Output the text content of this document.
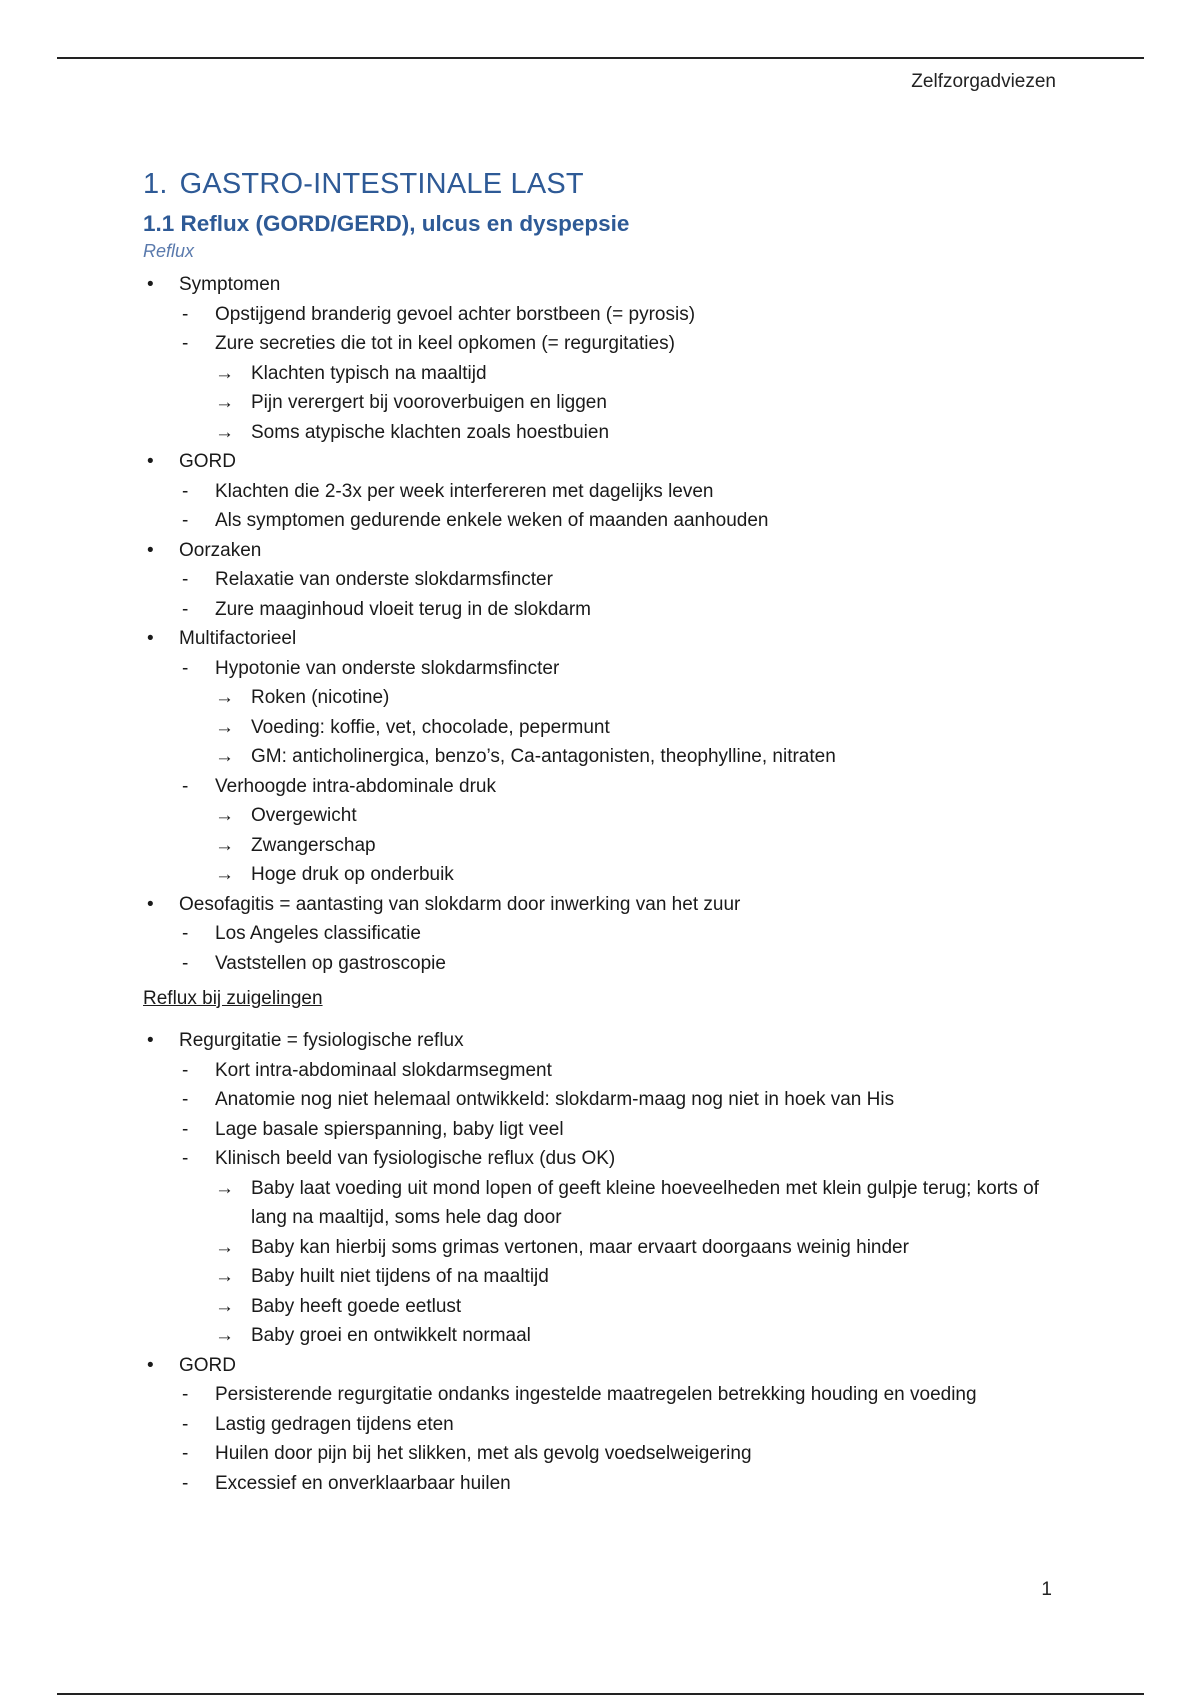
Zelfzorgadviezen
1. GASTRO-INTESTINALE LAST
1.1 Reflux (GORD/GERD), ulcus en dyspepsie
Reflux
• Symptomen
- Opstijgend branderig gevoel achter borstbeen (= pyrosis)
- Zure secreties die tot in keel opkomen (= regurgitaties)
→ Klachten typisch na maaltijd
→ Pijn verergert bij vooroverbuigen en liggen
→ Soms atypische klachten zoals hoestbuien
• GORD
- Klachten die 2-3x per week interfereren met dagelijks leven
- Als symptomen gedurende enkele weken of maanden aanhouden
• Oorzaken
- Relaxatie van onderste slokdarmsfincter
- Zure maaginhoud vloeit terug in de slokdarm
• Multifactorieel
- Hypotonie van onderste slokdarmsfincter
→ Roken (nicotine)
→ Voeding: koffie, vet, chocolade, pepermunt
→ GM: anticholinergica, benzo’s, Ca-antagonisten, theophylline, nitraten
- Verhoogde intra-abdominale druk
→ Overgewicht
→ Zwangerschap
→ Hoge druk op onderbuik
• Oesofagitis = aantasting van slokdarm door inwerking van het zuur
- Los Angeles classificatie
- Vaststellen op gastroscopie
Reflux bij zuigelingen
• Regurgitatie = fysiologische reflux
- Kort intra-abdominaal slokdarmsegment
- Anatomie nog niet helemaal ontwikkeld: slokdarm-maag nog niet in hoek van His
- Lage basale spierspanning, baby ligt veel
- Klinisch beeld van fysiologische reflux (dus OK)
→ Baby laat voeding uit mond lopen of geeft kleine hoeveelheden met klein gulpje terug; korts of lang na maaltijd, soms hele dag door
→ Baby kan hierbij soms grimas vertonen, maar ervaart doorgaans weinig hinder
→ Baby huilt niet tijdens of na maaltijd
→ Baby heeft goede eetlust
→ Baby groei en ontwikkelt normaal
• GORD
- Persisterende regurgitatie ondanks ingestelde maatregelen betrekking houding en voeding
- Lastig gedragen tijdens eten
- Huilen door pijn bij het slikken, met als gevolg voedselweigering
- Excessief en onverklaarbaar huilen
1
